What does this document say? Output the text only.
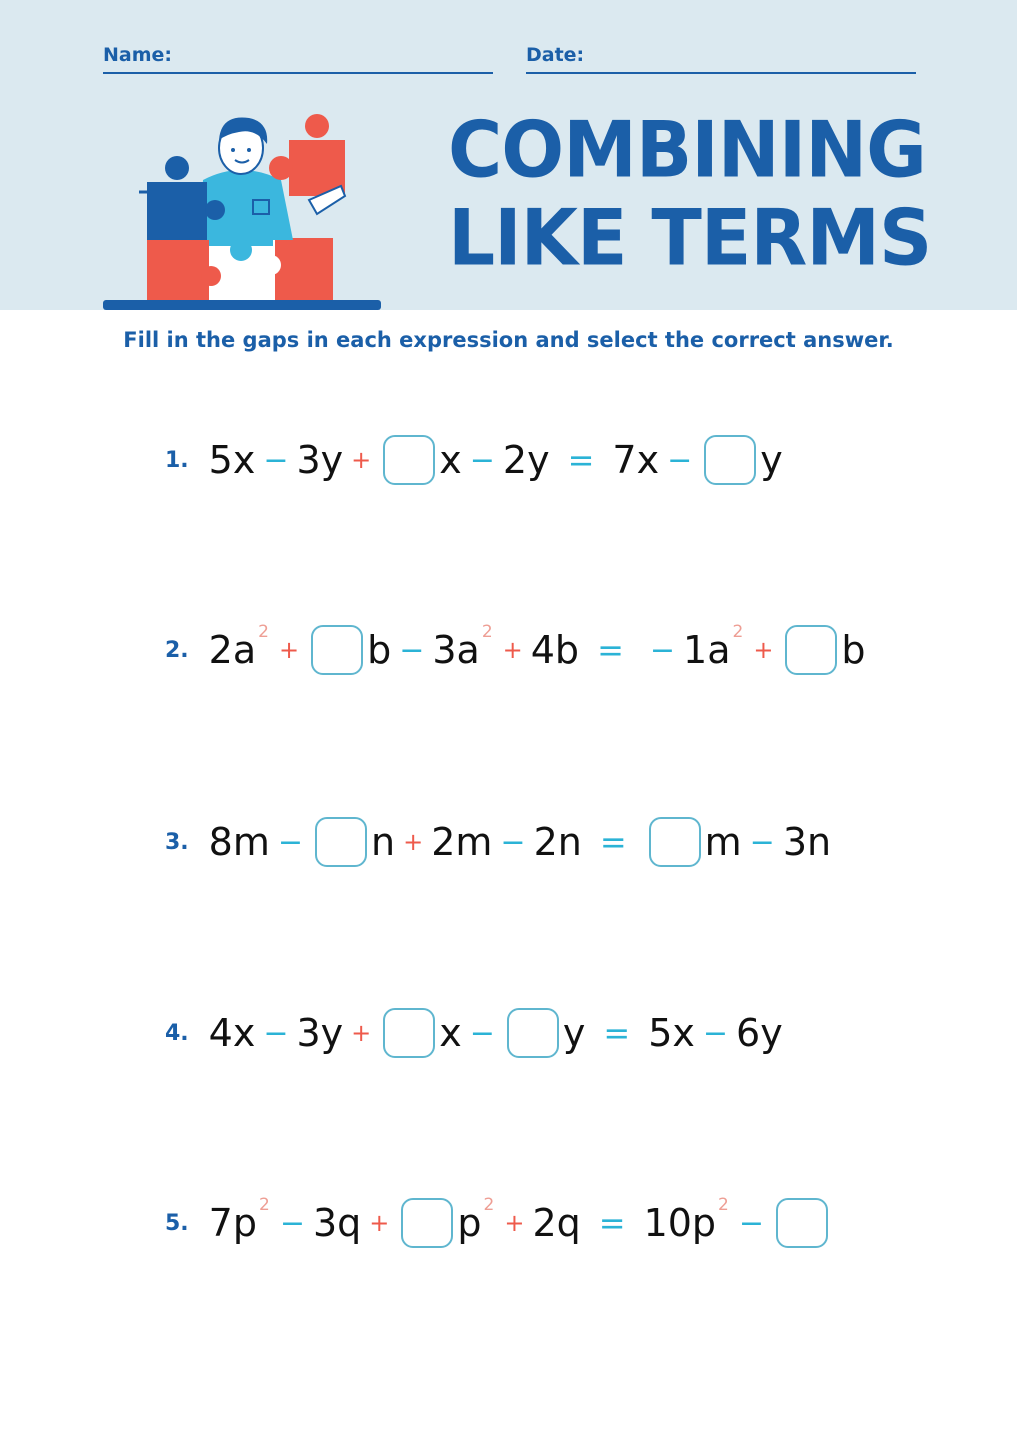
Name:	Date:
COMBINING
LIKE TERMS
Fill in the gaps in each expression and select the correct answer.
1. 5x − 3y + x − 2y = 7x − y
2. 2a 2
+ b − 3a 2
+ 4b = − 1a 2
+ b
3. 8m − n + 2m − 2n = m − 3n
4. 4x − 3y + x − y = 5x − 6y
5. 7p 2
− 3q + p 2
+ 2q = 10p 2
−
